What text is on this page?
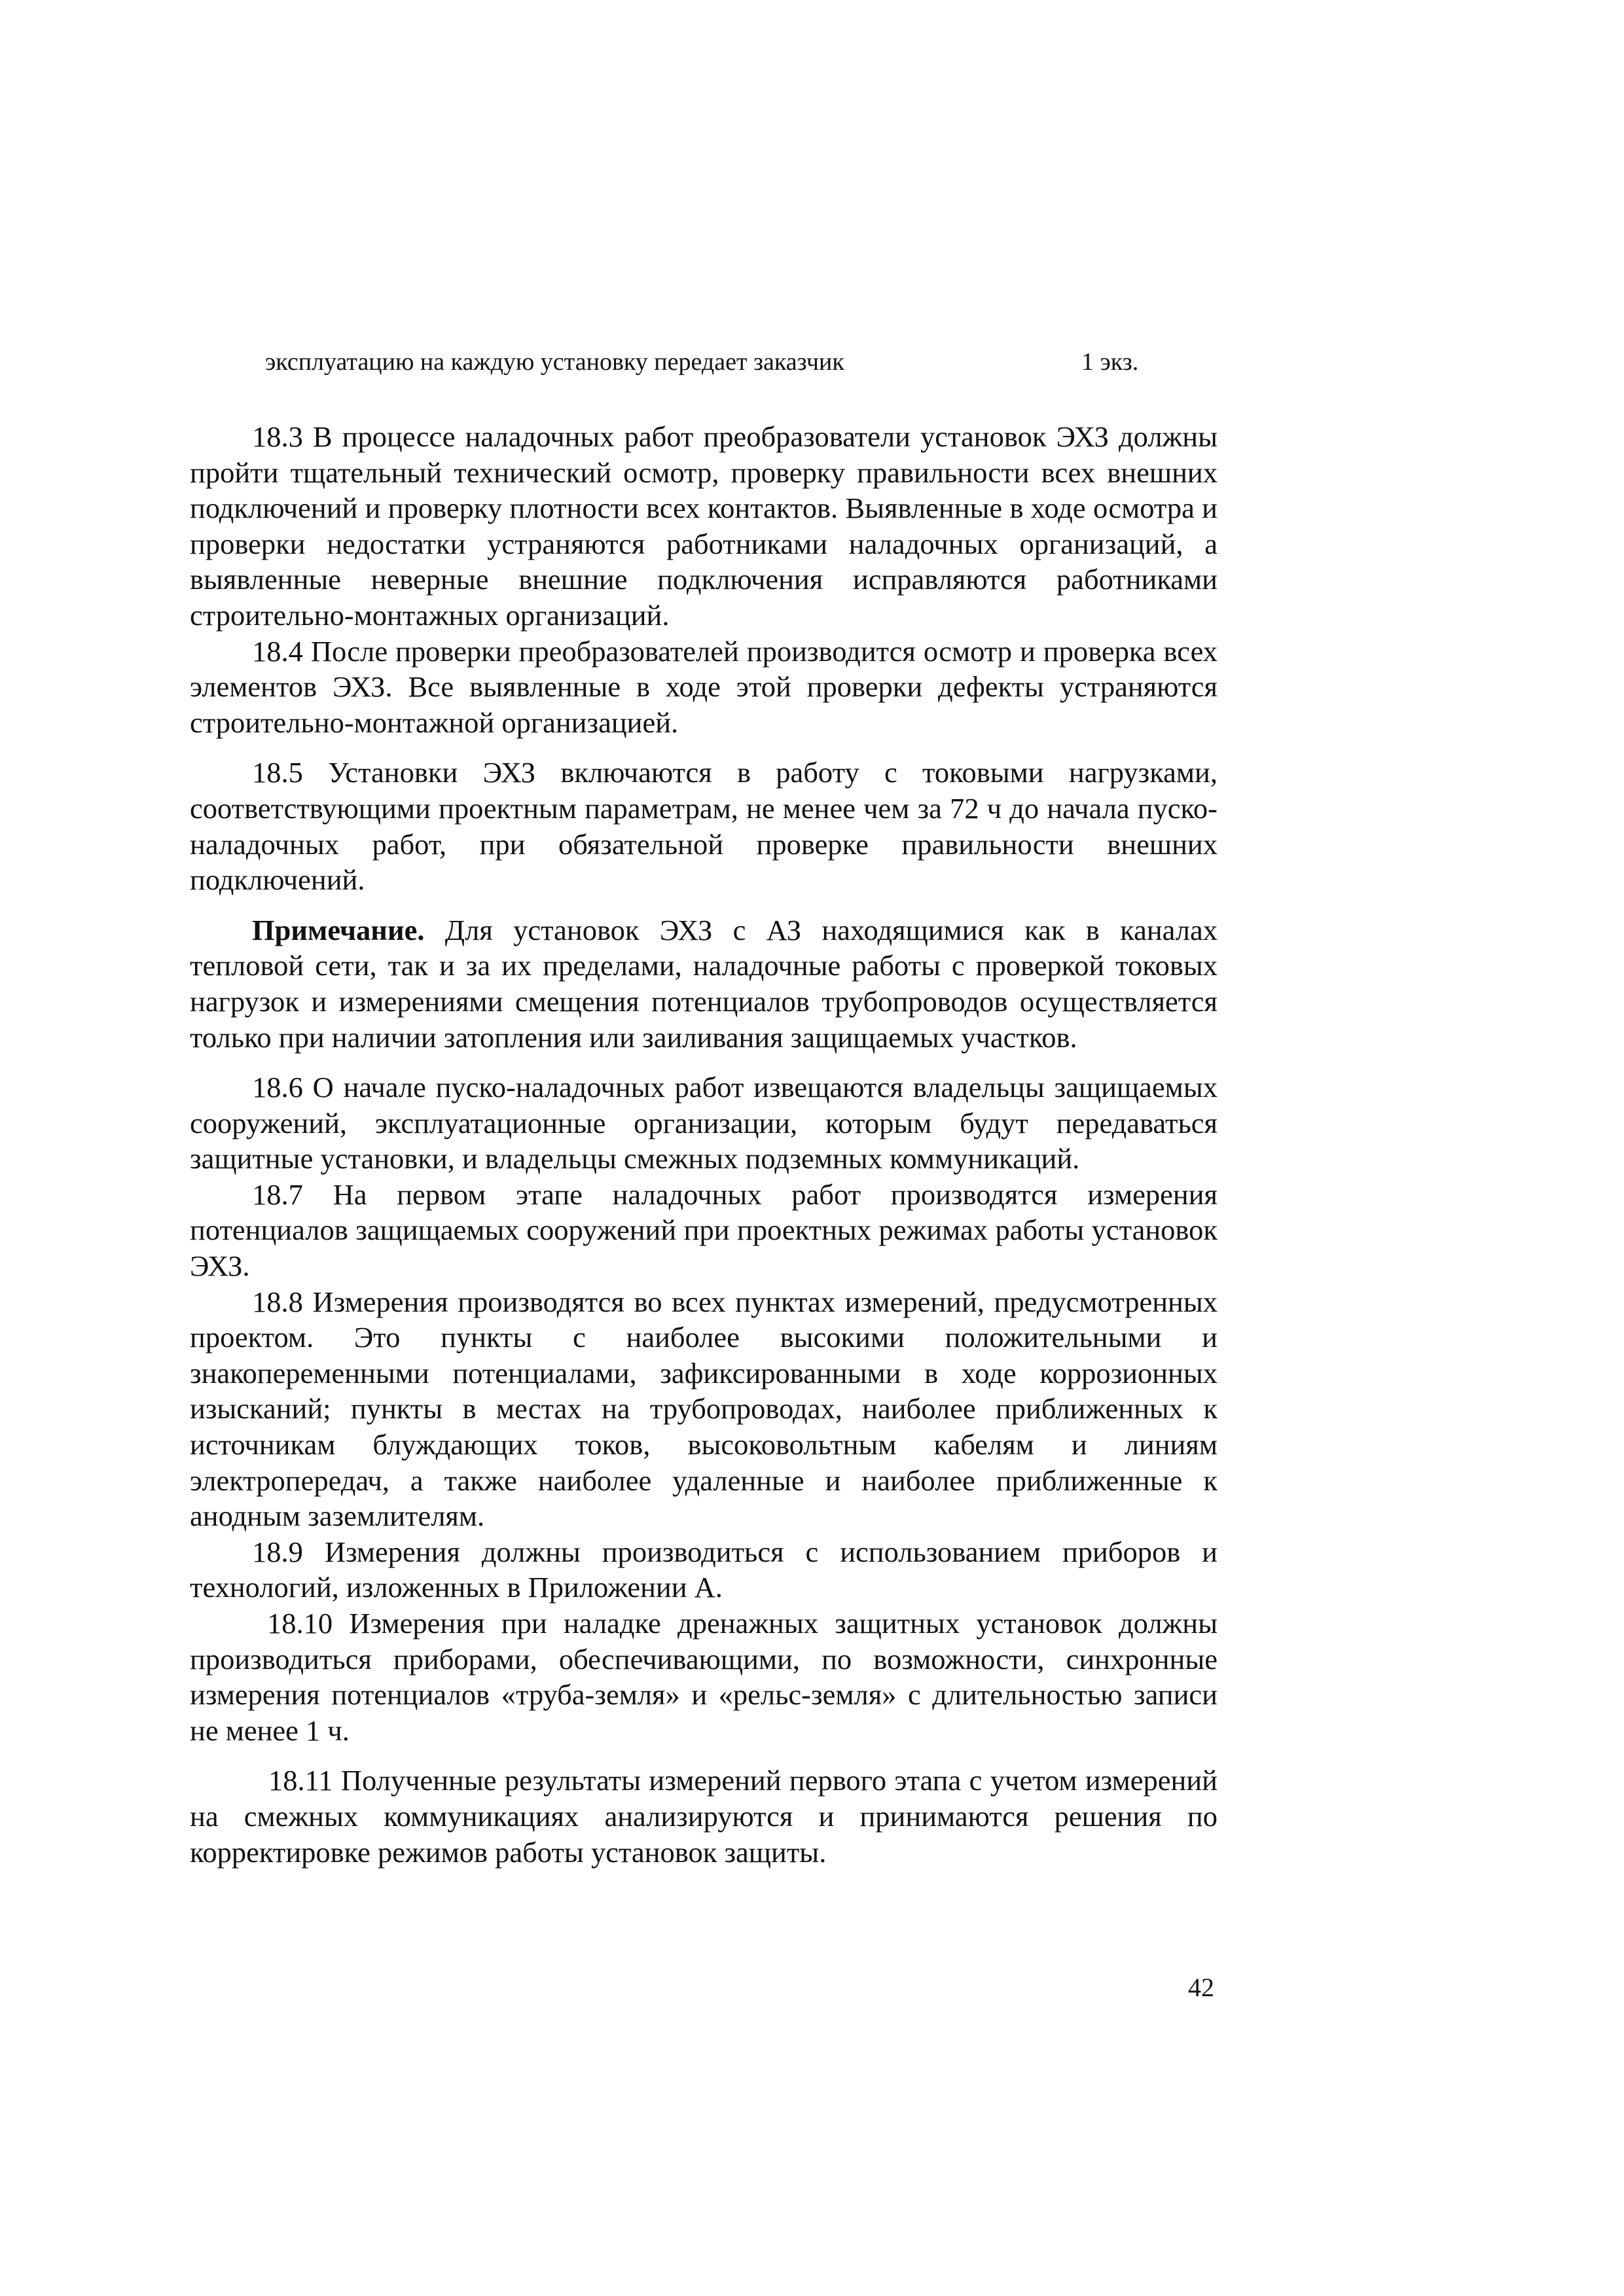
эксплуатацию на каждую установку передает заказчик	1 экз.

18.3 В процессе наладочных работ преобразователи установок ЭХЗ должны пройти тщательный технический осмотр, проверку правильности всех внешних подключений и проверку плотности всех контактов. Выявленные в ходе осмотра и проверки недостатки устраняются работниками наладочных организаций, а выявленные неверные внешние подключения исправляются работниками строительно-монтажных организаций.

18.4 После проверки преобразователей производится осмотр и проверка всех элементов ЭХЗ. Все выявленные в ходе этой проверки дефекты устраняются строительно-монтажной организацией.

18.5 Установки ЭХЗ включаются в работу с токовыми нагрузками, соответствующими проектным параметрам, не менее чем за 72 ч до начала пуско-наладочных работ, при обязательной проверке правильности внешних подключений.

Примечание. Для установок ЭХЗ с АЗ находящимися как в каналах тепловой сети, так и за их пределами, наладочные работы с проверкой токовых нагрузок и измерениями смещения потенциалов трубопроводов осуществляется только при наличии затопления или заиливания защищаемых участков.

18.6 О начале пуско-наладочных работ извещаются владельцы защищаемых сооружений, эксплуатационные организации, которым будут передаваться защитные установки, и владельцы смежных подземных коммуникаций.

18.7 На первом этапе наладочных работ производятся измерения потенциалов защищаемых сооружений при проектных режимах работы установок ЭХЗ.

18.8 Измерения производятся во всех пунктах измерений, предусмотренных проектом. Это пункты с наиболее высокими положительными и знакопеременными потенциалами, зафиксированными в ходе коррозионных изысканий; пункты в местах на трубопроводах, наиболее приближенных к источникам блуждающих токов, высоковольтным кабелям и линиям электропередач, а также наиболее удаленные и наиболее приближенные к анодным заземлителям.

18.9 Измерения должны производиться с использованием приборов и технологий, изложенных в Приложении А.

18.10 Измерения при наладке дренажных защитных установок должны производиться приборами, обеспечивающими, по возможности, синхронные измерения потенциалов «труба-земля» и «рельс-земля» с длительностью записи не менее 1 ч.

18.11 Полученные результаты измерений первого этапа с учетом измерений на смежных коммуникациях анализируются и принимаются решения по корректировке режимов работы установок защиты.

42
